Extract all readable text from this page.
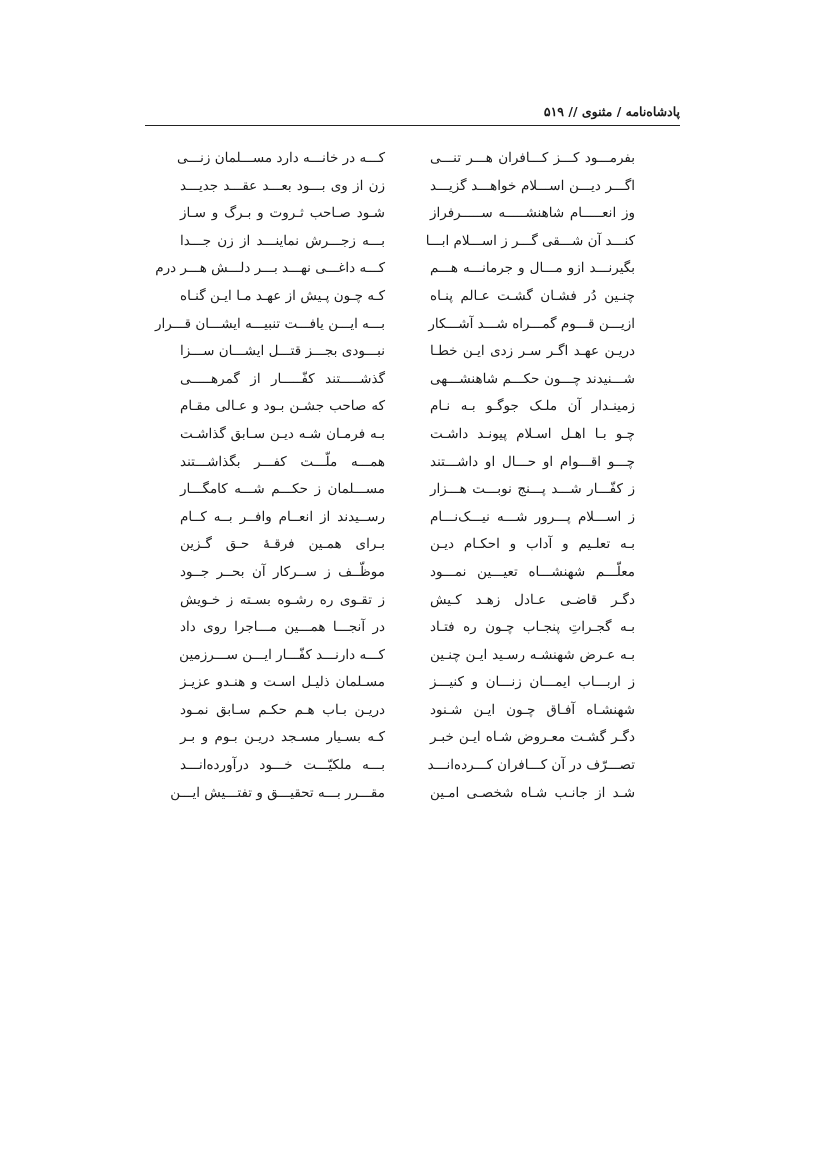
پادشاه‌نامه / مثنوی // ۵۱۹
بفرمـــود کـــز کـــافران هـــر تنـــی
کـــه در خانـــه دارد مســـلمان زنـــی
اگـــر دیـــن اســـلام خواهـــد گزیـــد
زن از وی بـــود بعـــد عقـــد جدیـــد
وز انعـــــام شاهنشـــــه ســـــرفراز
شـود صـاحب ثـروت و بـرگ و سـاز
کنـــد آن شـــقی گـــر ز اســـلام ابـــا
بـــه زجـــرش نماینـــد از زن جـــدا
بگیرنـــد ازو مـــال و جرمانـــه هـــم
کـــه داغـــی نهـــد بـــر دلـــش هـــر درم
چنـین دُر فشـان گشـت عـالم پنـاه
کـه چـون پـیش از عهـد مـا ایـن گنـاه
ازیـــن قـــوم گمـــراه شـــد آشـــکار
بـــه ایـــن یافـــت تنبیـــه ایشـــان قـــرار
دریـن عهـد اگـر سـر زدی ایـن خطـا
نبـــودی بجـــز قتـــل ایشـــان ســـزا
شـــنیدند چـــون حکـــم شاهنشـــهی
گذشـــــتند کفّـــــار از گمرهـــــی
زمینـدار آن ملـک جوگـو بـه نـام
که صاحب جشـن بـود و عـالی مقـام
چـو بـا اهـل اسـلام پیونـد داشـت
بـه فرمـان شـه دیـن سـابق گذاشـت
چـــو اقـــوام او حـــال او داشـــتند
همـــه ملّـــت کفـــر بگذاشـــتند
ز کفّـــار شـــد پـــنج نوبـــت هـــزار
مســـلمان ز حکـــم شـــه کامگـــار
ز اســـلام پـــرور شـــه نیـــک‌نـــام
رســیدند از انعــام وافــر بــه کــام
بـه تعلـیم و آداب و احکـام دیـن
بـرای همـین فرقـۀ حـق گـزین
معلّـــم شهنشـــاه تعیـــین نمـــود
موظّــف ز ســرکار آن بحــر جــود
دگـر قاضـی عـادل زهـد کـیش
ز تقـوی ره رشـوه بسـته ز خـویش
بـه گجـراتِ پنجـاب چـون ره فتـاد
در آنجـــا همـــین مـــاجرا روی داد
بـه عـرض شهنشـه رسـید ایـن چنـین
کـــه دارنـــد کفّـــار ایـــن ســـرزمین
ز اربـــاب ایمـــان زنـــان و کنیـــز
مسـلمان ذلیـل اسـت و هنـدو عزیـز
شهنشـاه آفـاق چـون ایـن شـنود
دریـن بـاب هـم حکـم سـابق نمـود
دگـر گشـت معـروض شـاه ایـن خبـر
کـه بسـیار مسـجد دریـن بـوم و بـر
تصـــرّف در آن کـــافران کـــرده‌انـــد
بـــه ملکیّـــت خـــود درآورده‌انـــد
شـد از جانـب شـاه شخصـی امـین
مقـــرر بـــه تحقیـــق و تفتـــیش ایـــن
